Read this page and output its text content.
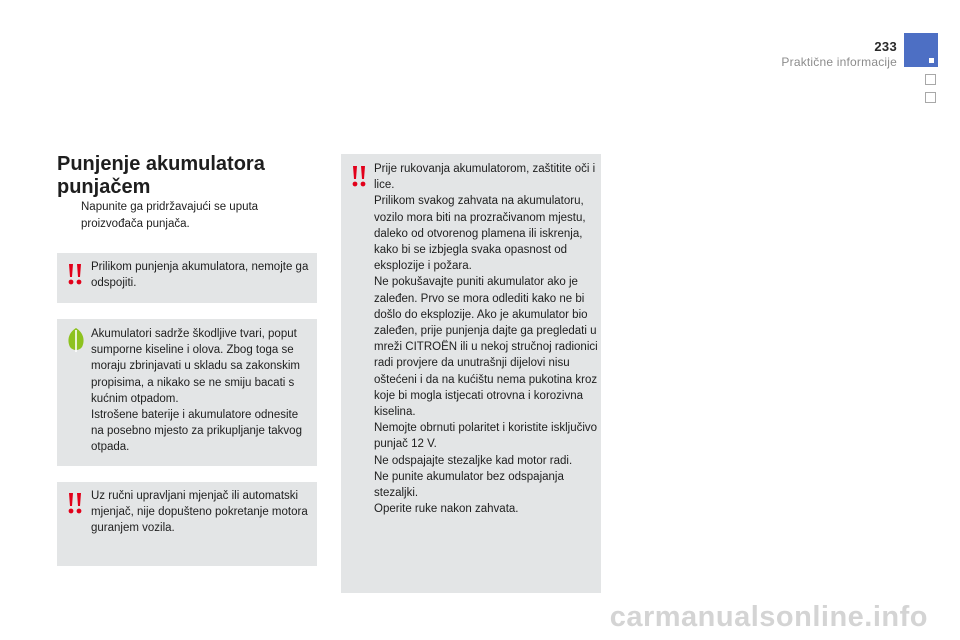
233
Praktične informacije
Punjenje akumulatora
punjačem
Napunite ga pridržavajući se uputa proizvođača punjača.
Prilikom punjenja akumulatora, nemojte ga odspojiti.
Akumulatori sadrže škodljive tvari, poput sumporne kiseline i olova. Zbog toga se moraju zbrinjavati u skladu sa zakonskim propisima, a nikako se ne smiju bacati s kućnim otpadom.
Istrošene baterije i akumulatore odnesite na posebno mjesto za prikupljanje takvog otpada.
Uz ručni upravljani mjenjač ili automatski mjenjač, nije dopušteno pokretanje motora guranjem vozila.
Prije rukovanja akumulatorom, zaštitite oči i lice.
Prilikom svakog zahvata na akumulatoru, vozilo mora biti na prozračivanom mjestu, daleko od otvorenog plamena ili iskrenja, kako bi se izbjegla svaka opasnost od eksplozije i požara.
Ne pokušavajte puniti akumulator ako je zaleđen. Prvo se mora odlediti kako ne bi došlo do eksplozije. Ako je akumulator bio zaleđen, prije punjenja dajte ga pregledati u mreži CITROËN ili u nekoj stručnoj radionici radi provjere da unutrašnji dijelovi nisu oštećeni i da na kućištu nema pukotina kroz koje bi mogla istjecati otrovna i korozivna kiselina.
Nemojte obrnuti polaritet i koristite isključivo punjač 12 V.
Ne odspajajte stezaljke kad motor radi.
Ne punite akumulator bez odspajanja stezaljki.
Operite ruke nakon zahvata.
carmanualsonline.info
